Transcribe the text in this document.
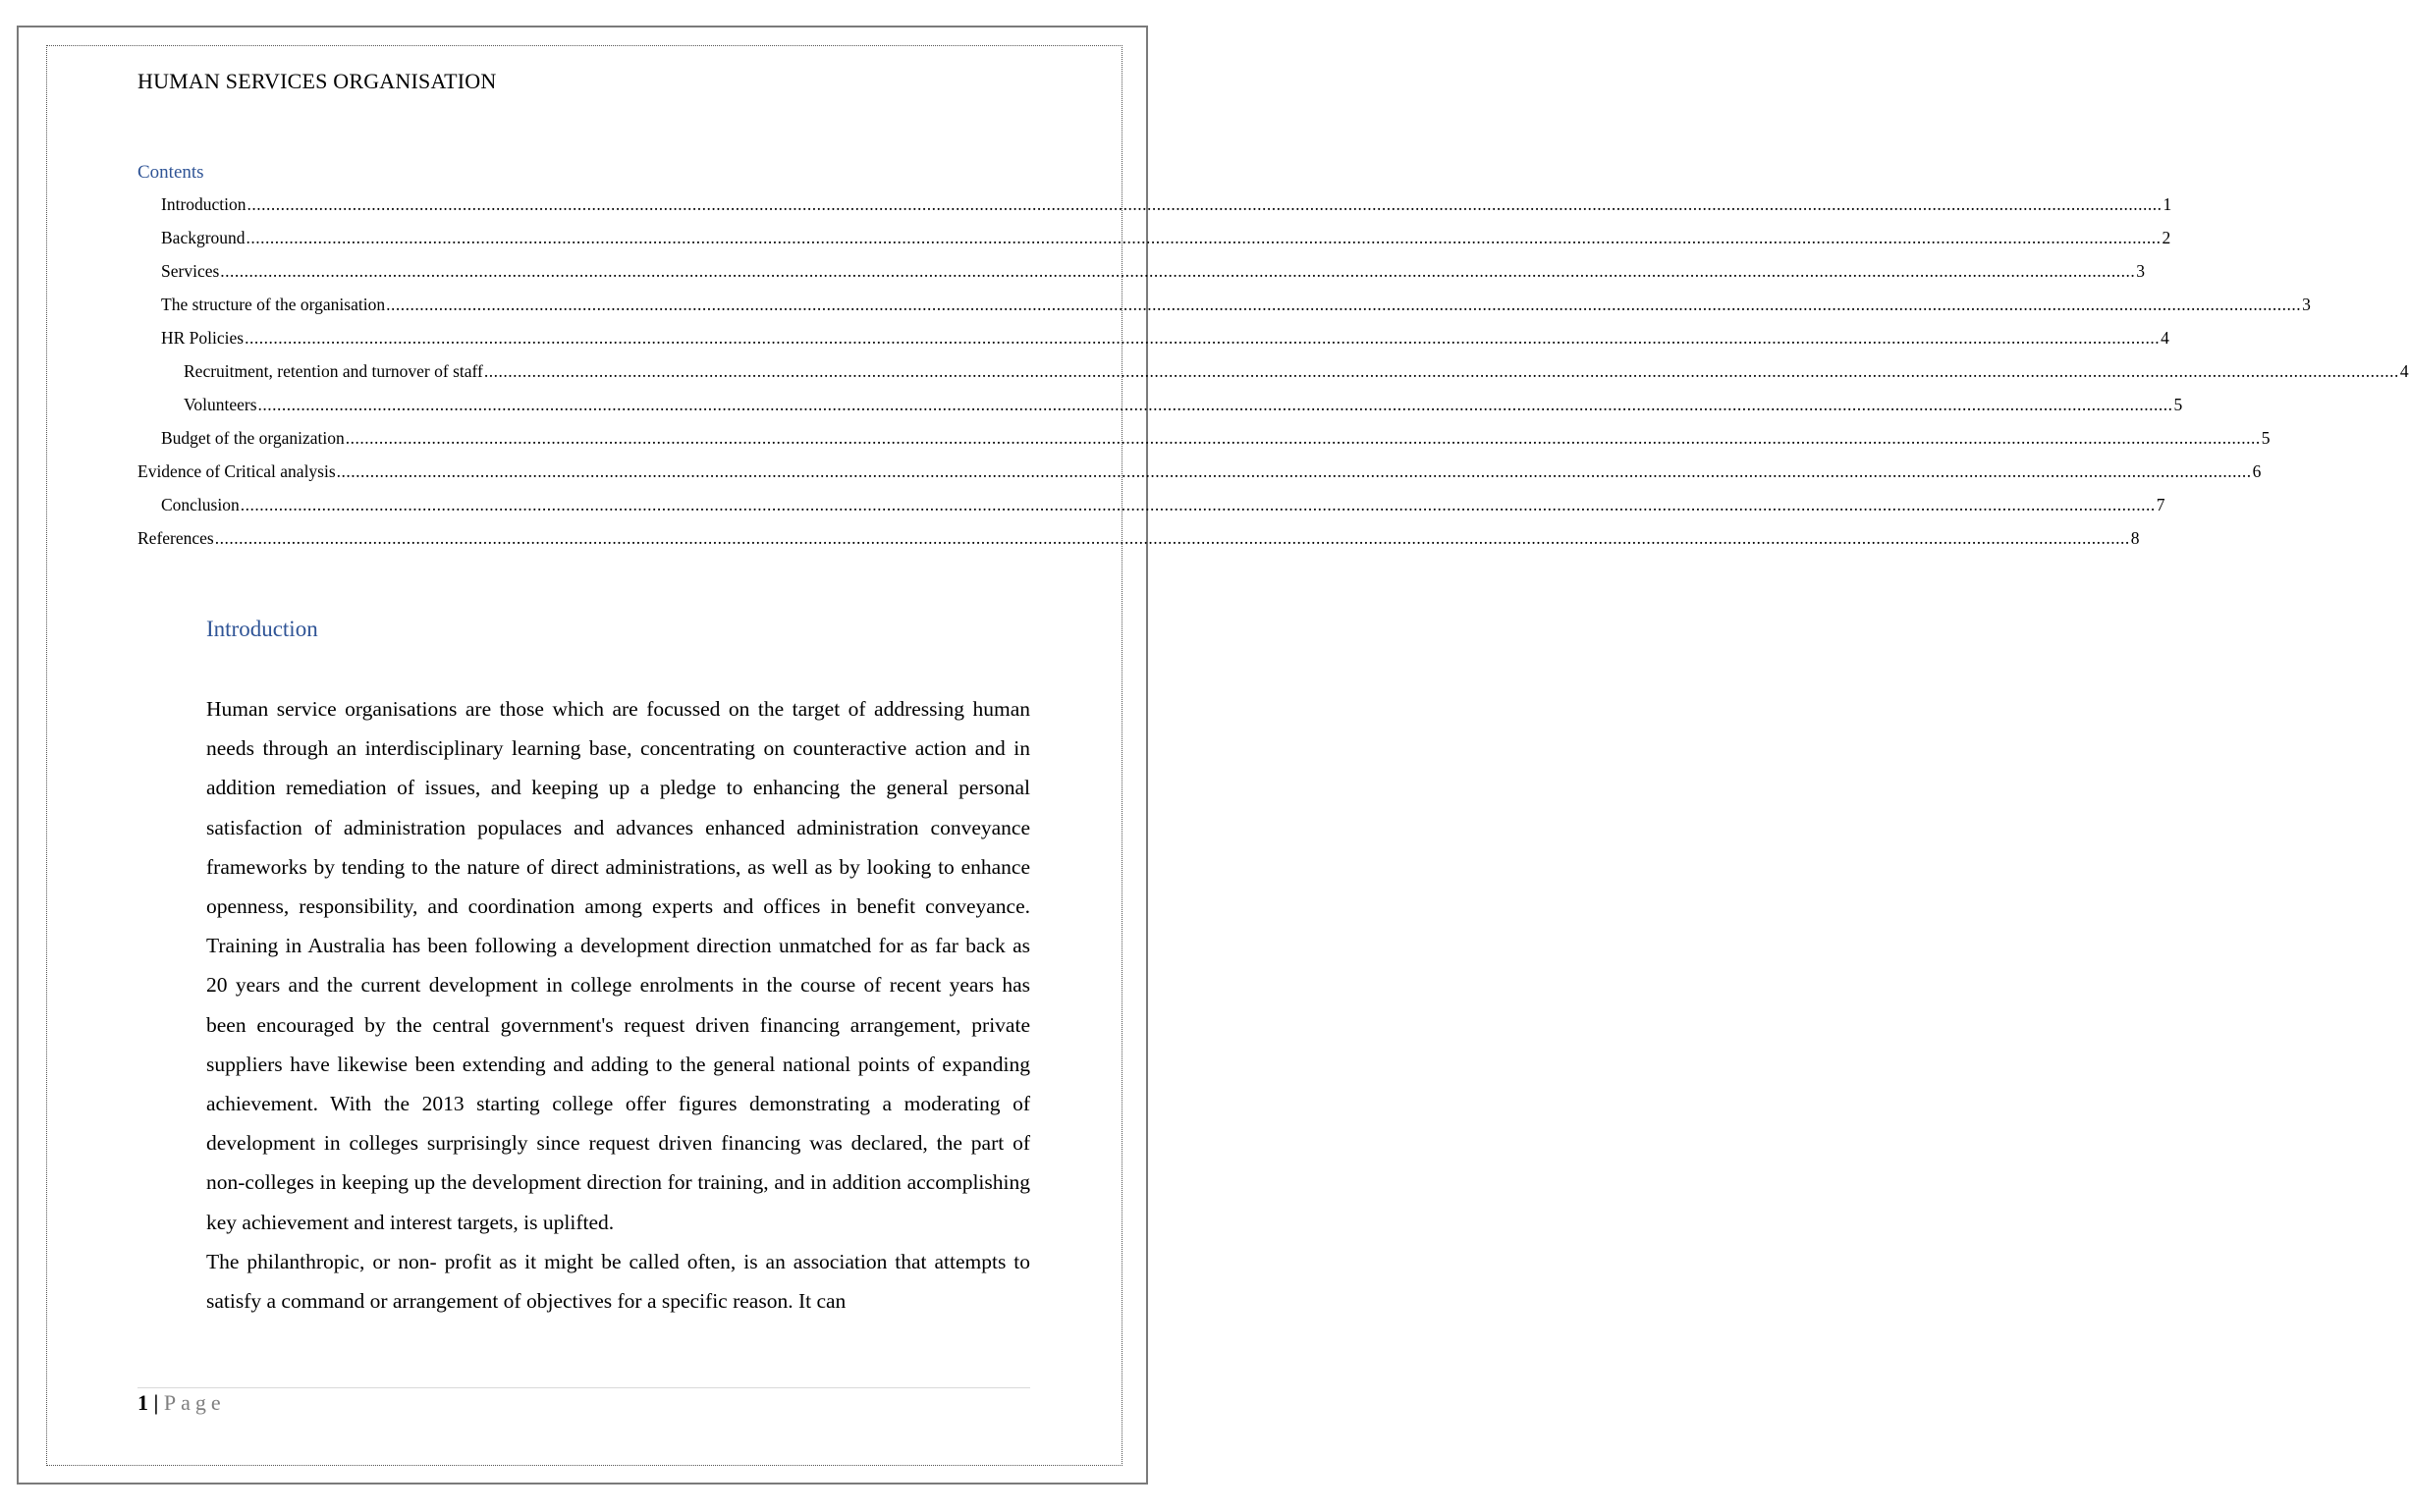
HUMAN SERVICES ORGANISATION
Contents
Introduction ................................................................................................................................................................................................................................................................................................................................................................................................................ 1
Background ................................................................................................................................................................................................................................................................................................................................................................................................................ 2
Services ................................................................................................................................................................................................................................................................................................................................................................................................................ 3
The structure of the organisation ................................................................................................................................................................................................................................................................................................................................................................................................................ 3
HR Policies ................................................................................................................................................................................................................................................................................................................................................................................................................ 4
Recruitment, retention and turnover of staff ................................................................................................................................................................................................................................................................................................................................................................................................................ 4
Volunteers ................................................................................................................................................................................................................................................................................................................................................................................................................ 5
Budget of the organization ................................................................................................................................................................................................................................................................................................................................................................................................................ 5
Evidence of Critical analysis ................................................................................................................................................................................................................................................................................................................................................................................................................ 6
Conclusion ................................................................................................................................................................................................................................................................................................................................................................................................................ 7
References ................................................................................................................................................................................................................................................................................................................................................................................................................ 8
Introduction

Human service organisations are those which are focussed on the target of addressing human needs through an interdisciplinary learning base, concentrating on counteractive action and in addition remediation of issues, and keeping up a pledge to enhancing the general personal satisfaction of administration populaces and advances enhanced administration conveyance frameworks by tending to the nature of direct administrations, as well as by looking to enhance openness, responsibility, and coordination among experts and offices in benefit conveyance. Training in Australia has been following a development direction unmatched for as far back as 20 years and the current development in college enrolments in the course of recent years has been encouraged by the central government's request driven financing arrangement, private suppliers have likewise been extending and adding to the general national points of expanding achievement. With the 2013 starting college offer figures demonstrating a moderating of development in colleges surprisingly since request driven financing was declared, the part of non-colleges in keeping up the development direction for training, and in addition accomplishing key achievement and interest targets, is uplifted.

The philanthropic, or non- profit as it might be called often, is an association that attempts to satisfy a command or arrangement of objectives for a specific reason. It can

1 | Page
